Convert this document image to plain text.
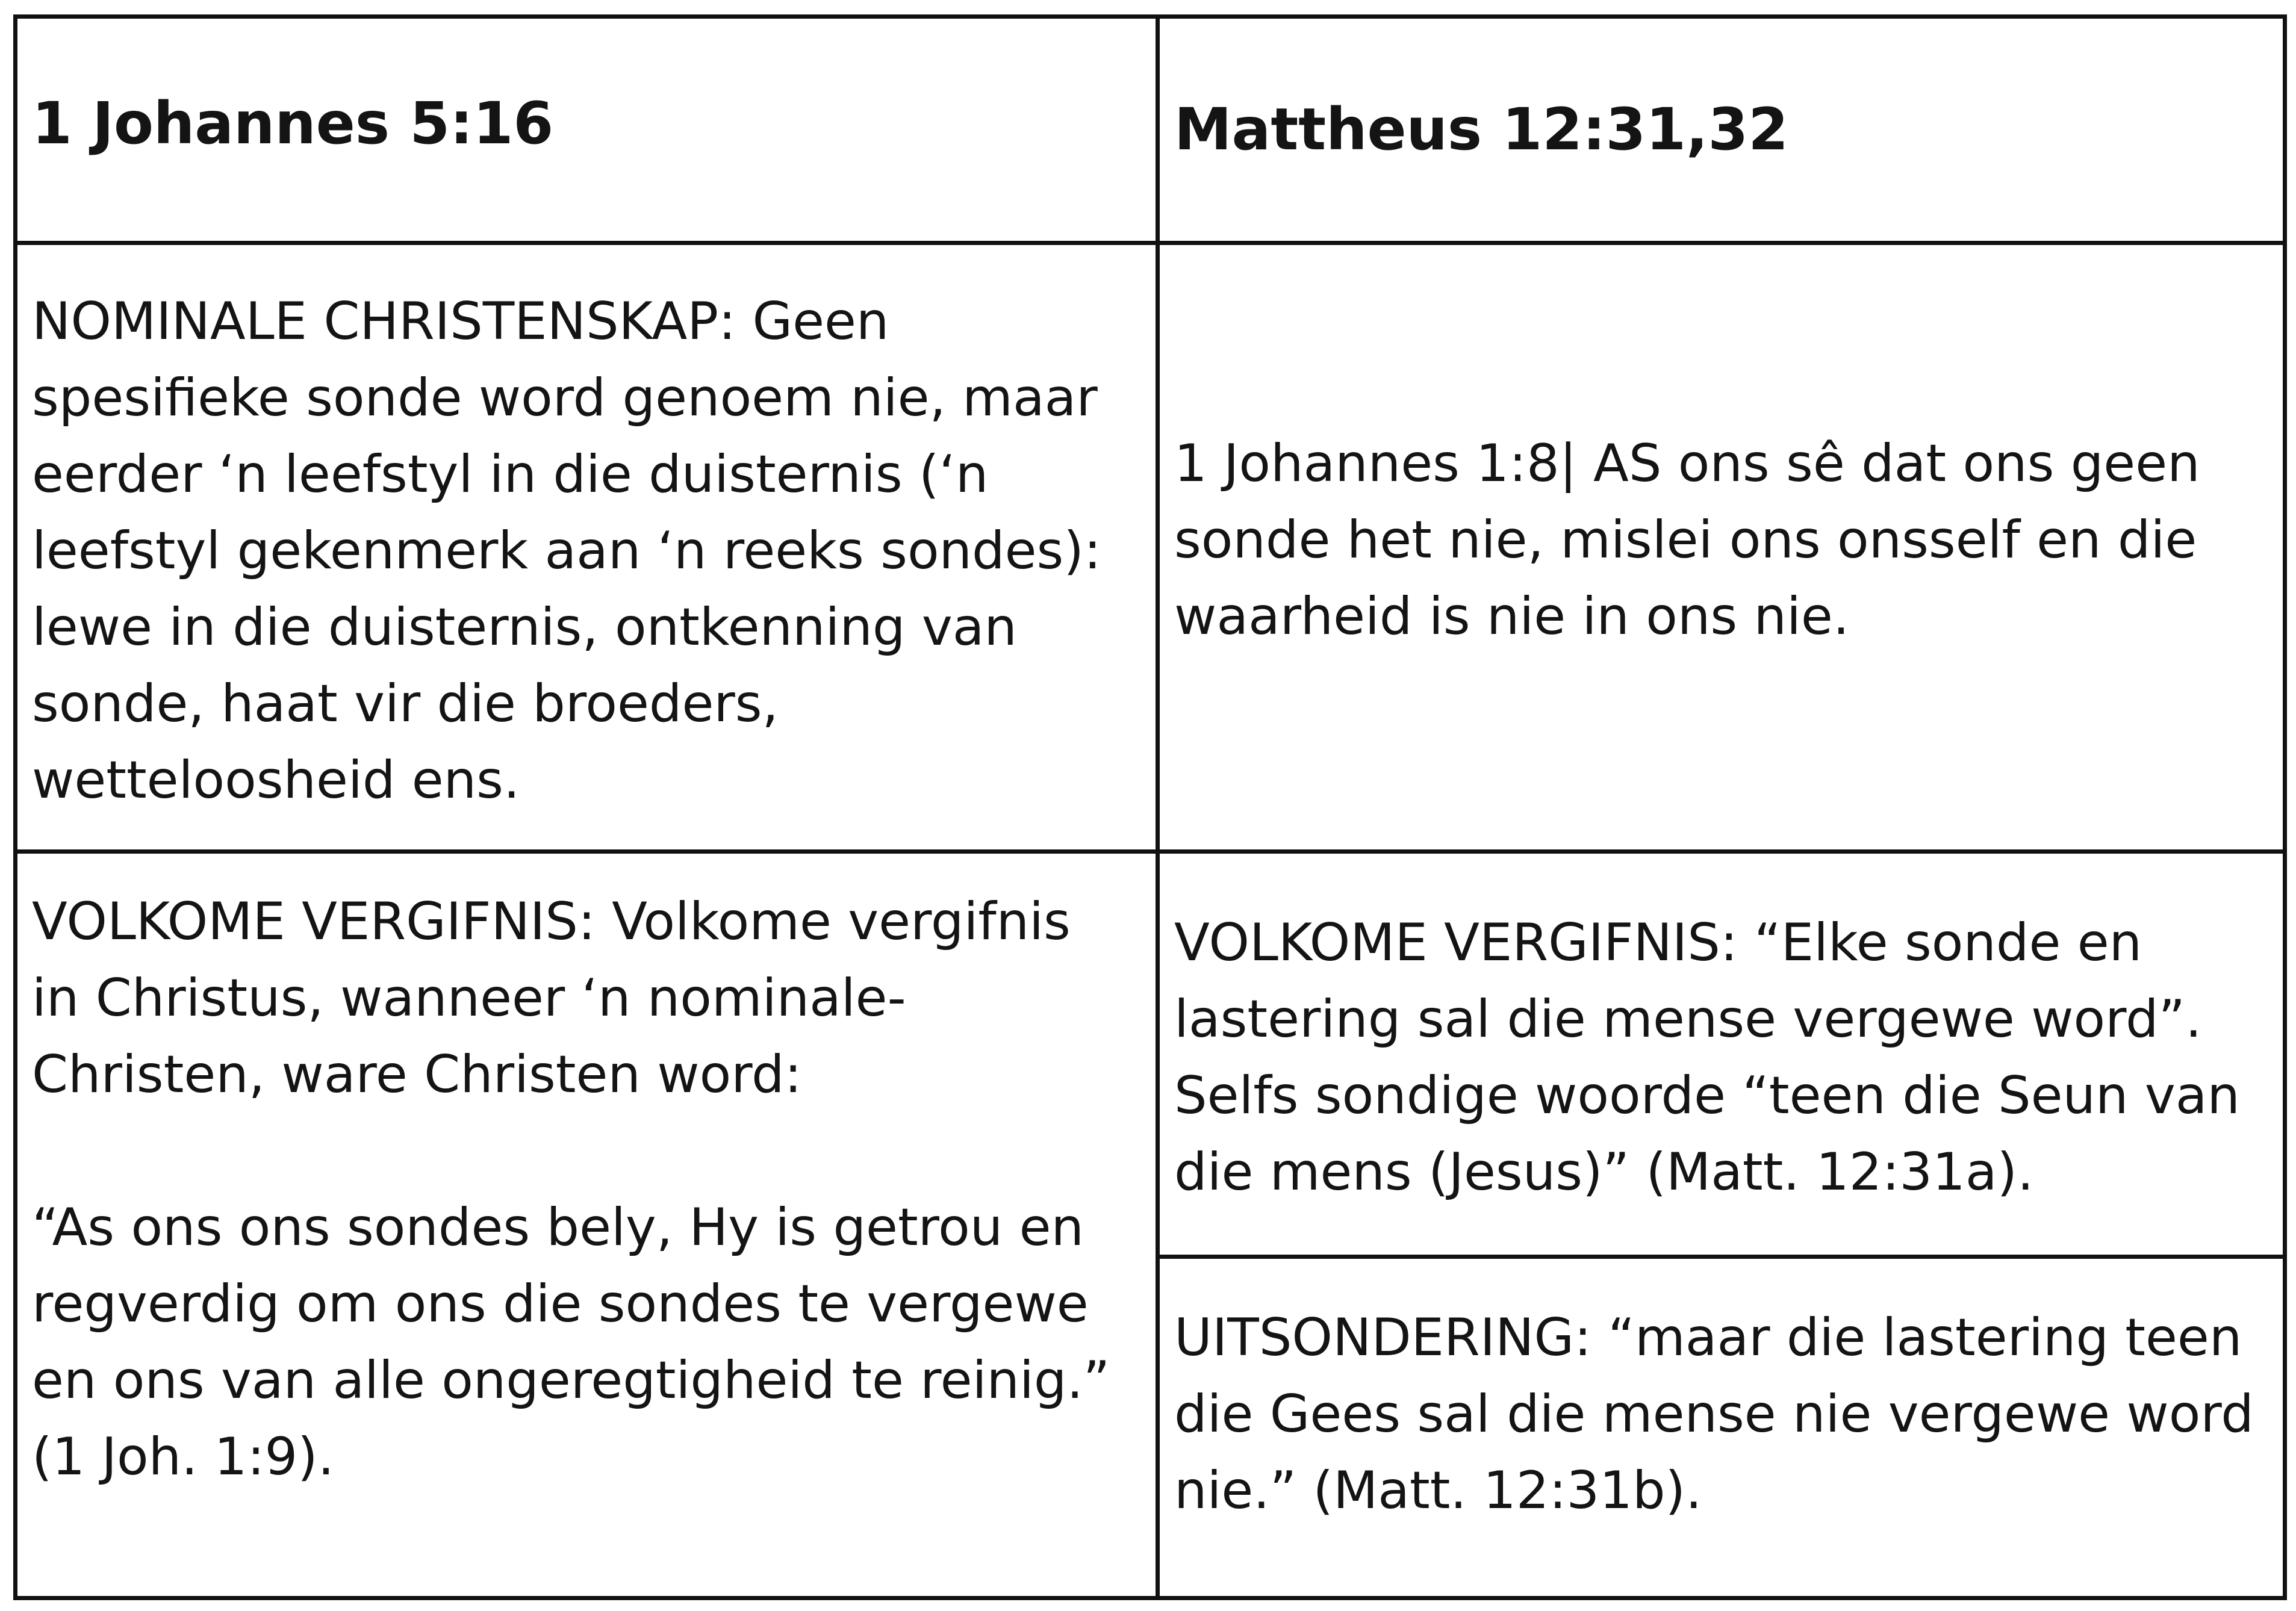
1 Johannes 5:16	Mattheus 12:31,32
NOMINALE CHRISTENSKAP: Geen
spesifieke sonde word genoem nie, maar
eerder ‘n leefstyl in die duisternis (‘n
leefstyl gekenmerk aan ‘n reeks sondes):
lewe in die duisternis, ontkenning van
sonde, haat vir die broeders,
wetteloosheid ens.
1 Johannes 1:8| AS ons sê dat ons geen
sonde het nie, mislei ons onsself en die
waarheid is nie in ons nie.
VOLKOME VERGIFNIS: Volkome vergifnis
in Christus, wanneer ‘n nominale-
Christen, ware Christen word:
“As ons ons sondes bely, Hy is getrou en
regverdig om ons die sondes te vergewe
en ons van alle ongeregtigheid te reinig.”
(1 Joh. 1:9).
VOLKOME VERGIFNIS: “Elke sonde en
lastering sal die mense vergewe word”.
Selfs sondige woorde “teen die Seun van
die mens (Jesus)” (Matt. 12:31a).
UITSONDERING: “maar die lastering teen
die Gees sal die mense nie vergewe word
nie.” (Matt. 12:31b).
